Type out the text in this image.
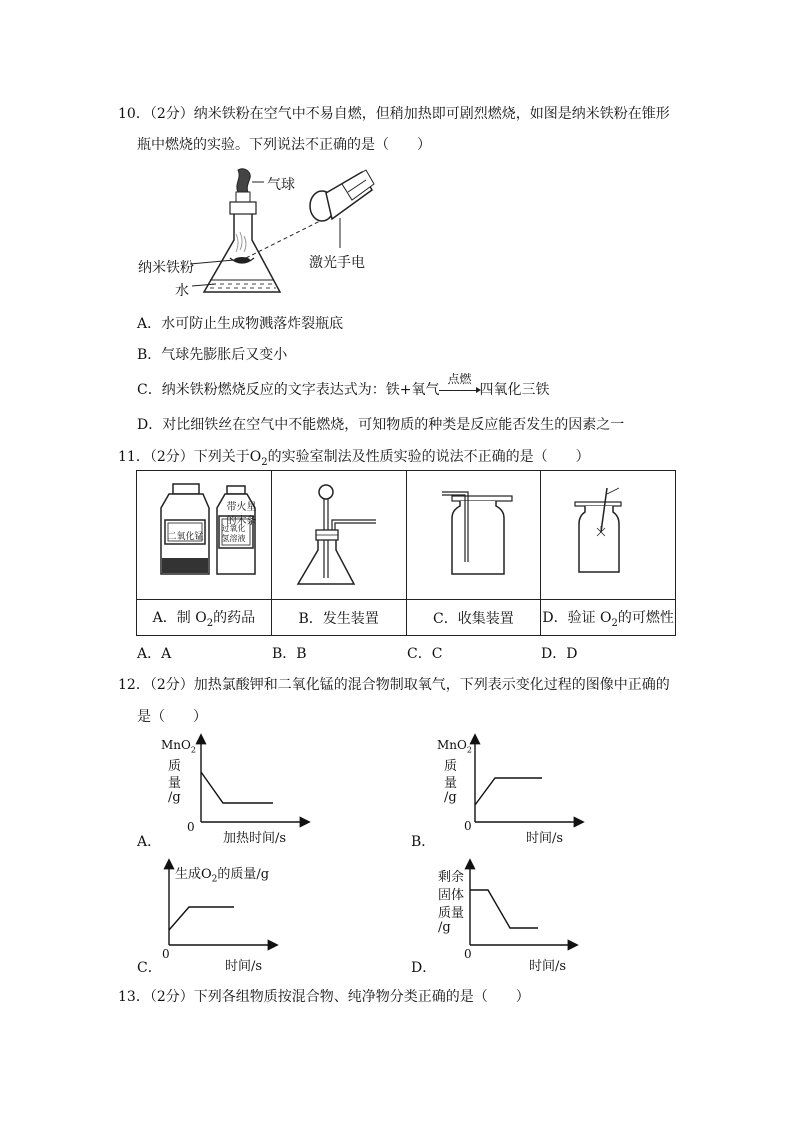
10．（2分）纳米铁粉在空气中不易自燃，但稍加热即可剧烈燃烧，如图是纳米铁粉在锥形
瓶中燃烧的实验。下列说法不正确的是（　　）
气球
纳米铁粉
水
激光手电
A．水可防止生成物溅落炸裂瓶底
B．气球先膨胀后又变小
C．纳米铁粉燃烧反应的文字表达式为：铁+氧气
点燃
四氧化三铁
D．对比细铁丝在空气中不能燃烧，可知物质的种类是反应能否发生的因素之一
11．（2分）下列关于$O_2$的实验室制法及性质实验的说法不正确的是（　　）
二氧化锰
过氧化氢溶液			带火星
的木条

A．制 $O_2$的药品	B．发生装置	C．收集装置	D．验证 $O_2$的可燃性
A．A	B．B	C．C	D．D
12．（2分）加热氯酸钾和二氧化锰的混合物制取氧气，下列表示变化过程的图像中正确的
是（　　）
MnO$_2$
质
量
/g
0
加热时间/s
A．
MnO$_2$
质
量
/g
0
时间/s
B．
生成$O_2$的质量/g
0
时间/s
C．
剩余
固体
质量
/g
0
时间/s
D．
13．（2分）下列各组物质按混合物、纯净物分类正确的是（　　）
